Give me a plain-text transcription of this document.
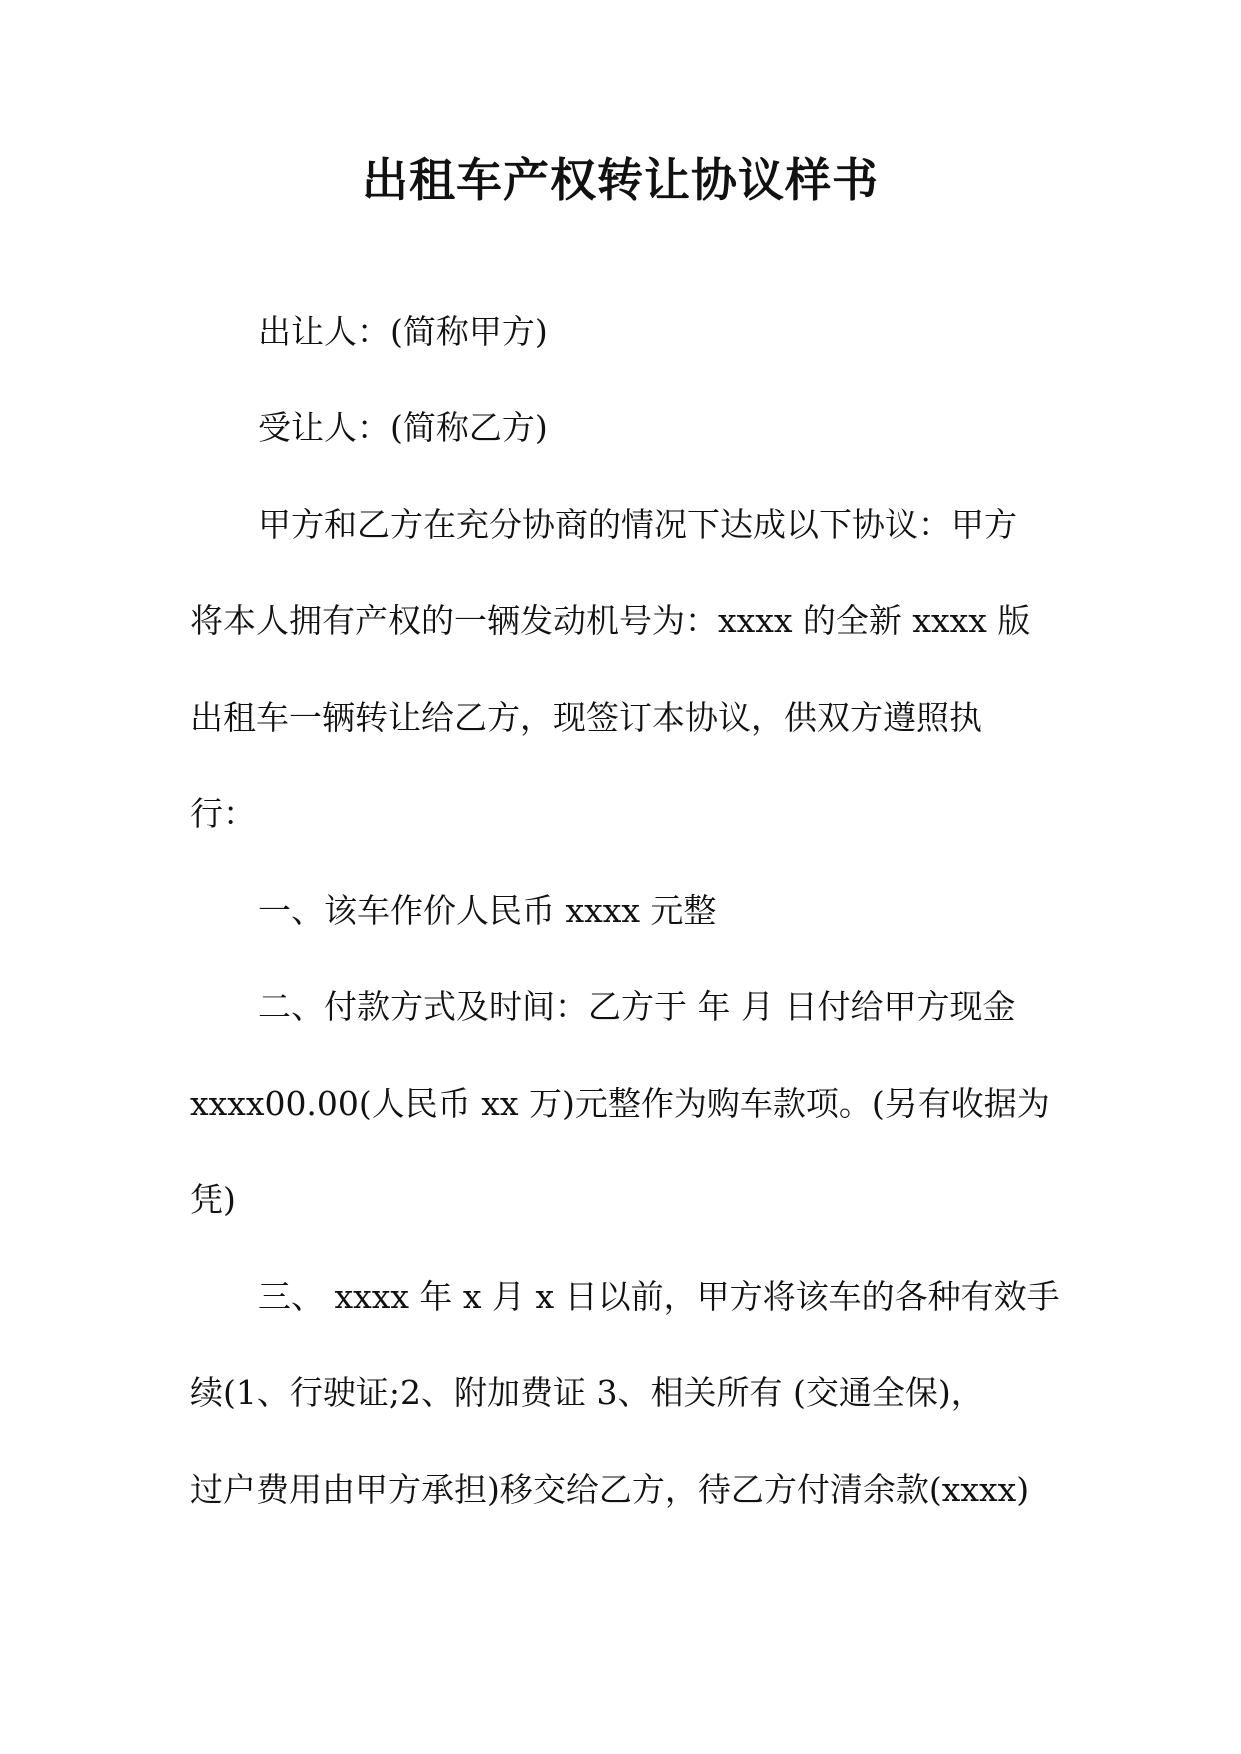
出租车产权转让协议样书

出让人：(简称甲方)

受让人：(简称乙方)

甲方和乙方在充分协商的情况下达成以下协议：甲方

将本人拥有产权的一辆发动机号为：xxxx 的全新 xxxx 版

出租车一辆转让给乙方，现签订本协议，供双方遵照执

行：

一、该车作价人民币 xxxx 元整

二、付款方式及时间：乙方于 年 月 日付给甲方现金

xxxx00.00(人民币 xx 万)元整作为购车款项。(另有收据为

凭)

三、 xxxx 年 x 月 x 日以前，甲方将该车的各种有效手

续(1、行驶证;2、附加费证 3、相关所有 (交通全保)，

过户费用由甲方承担)移交给乙方，待乙方付清余款(xxxx)
